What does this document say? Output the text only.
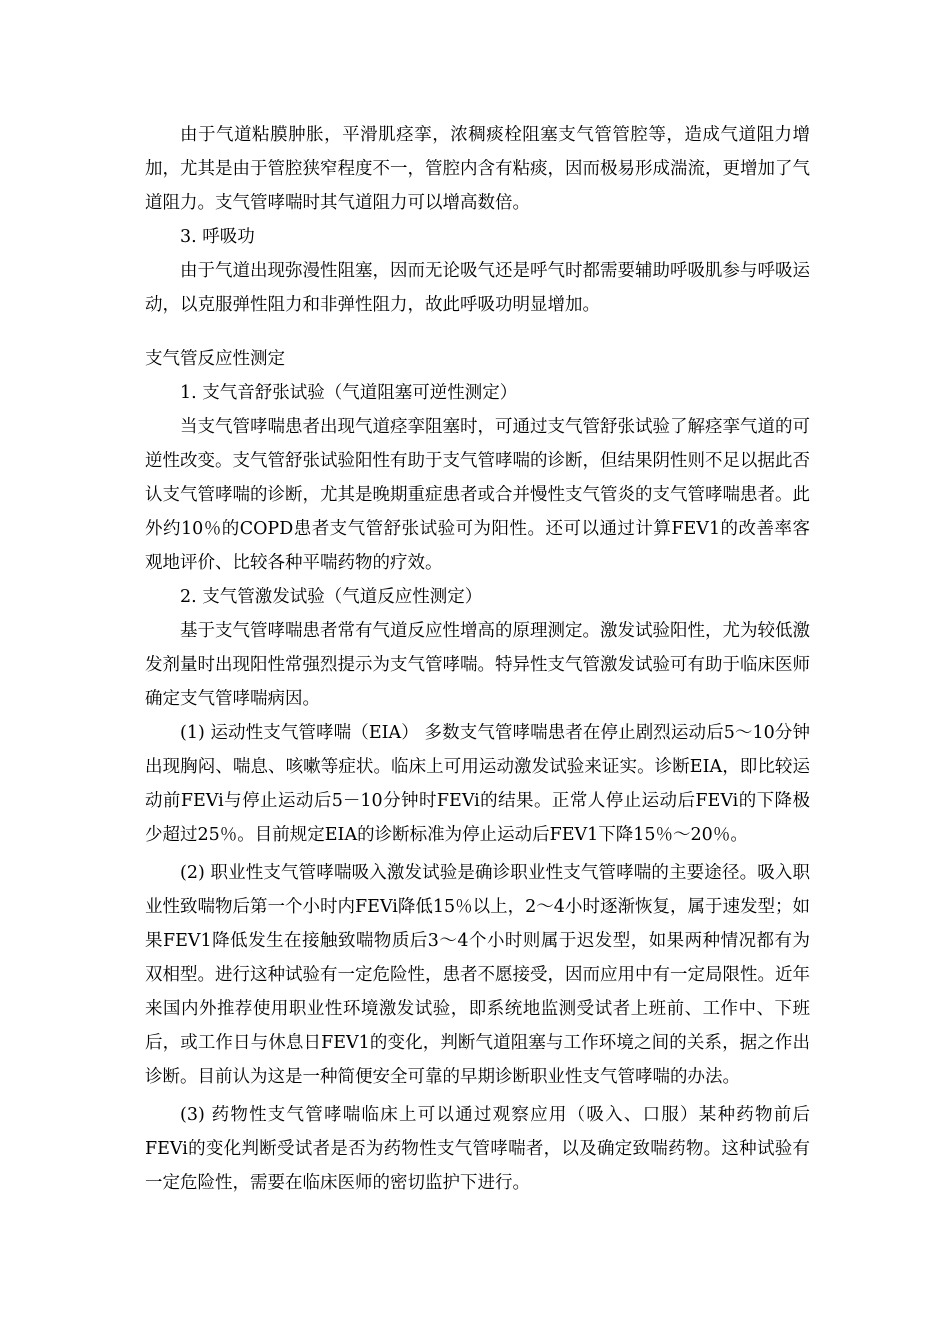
由于气道粘膜肿胀，平滑肌痉挛，浓稠痰栓阻塞支气管管腔等，造成气道阻力增加，尤其是由于管腔狭窄程度不一，管腔内含有粘痰，因而极易形成湍流，更增加了气道阻力。支气管哮喘时其气道阻力可以增高数倍。

3. 呼吸功

由于气道出现弥漫性阻塞，因而无论吸气还是呼气时都需要辅助呼吸肌参与呼吸运动，以克服弹性阻力和非弹性阻力，故此呼吸功明显增加。

支气管反应性测定

1. 支气音舒张试验（气道阻塞可逆性测定）

当支气管哮喘患者出现气道痉挛阻塞时，可通过支气管舒张试验了解痉挛气道的可逆性改变。支气管舒张试验阳性有助于支气管哮喘的诊断，但结果阴性则不足以据此否认支气管哮喘的诊断，尤其是晚期重症患者或合并慢性支气管炎的支气管哮喘患者。此外约10％的COPD患者支气管舒张试验可为阳性。还可以通过计算FEV1的改善率客观地评价、比较各种平喘药物的疗效。

2. 支气管激发试验（气道反应性测定）

基于支气管哮喘患者常有气道反应性增高的原理测定。激发试验阳性，尤为较低激发剂量时出现阳性常强烈提示为支气管哮喘。特异性支气管激发试验可有助于临床医师确定支气管哮喘病因。

(1) 运动性支气管哮喘（EIA） 多数支气管哮喘患者在停止剧烈运动后5～10分钟出现胸闷、喘息、咳嗽等症状。临床上可用运动激发试验来证实。诊断EIA，即比较运动前FEVi与停止运动后5－10分钟时FEVi的结果。正常人停止运动后FEVi的下降极少超过25％。目前规定EIA的诊断标准为停止运动后FEV1下降15％～20％。

(2) 职业性支气管哮喘吸入激发试验是确诊职业性支气管哮喘的主要途径。吸入职业性致喘物后第一个小时内FEVi降低15％以上，2～4小时逐渐恢复，属于速发型；如果FEV1降低发生在接触致喘物质后3～4个小时则属于迟发型，如果两种情况都有为双相型。进行这种试验有一定危险性，患者不愿接受，因而应用中有一定局限性。近年来国内外推荐使用职业性环境激发试验，即系统地监测受试者上班前、工作中、下班后，或工作日与休息日FEV1的变化，判断气道阻塞与工作环境之间的关系，据之作出诊断。目前认为这是一种简便安全可靠的早期诊断职业性支气管哮喘的办法。

(3) 药物性支气管哮喘临床上可以通过观察应用（吸入、口服）某种药物前后FEVi的变化判断受试者是否为药物性支气管哮喘者，以及确定致喘药物。这种试验有一定危险性，需要在临床医师的密切监护下进行。
